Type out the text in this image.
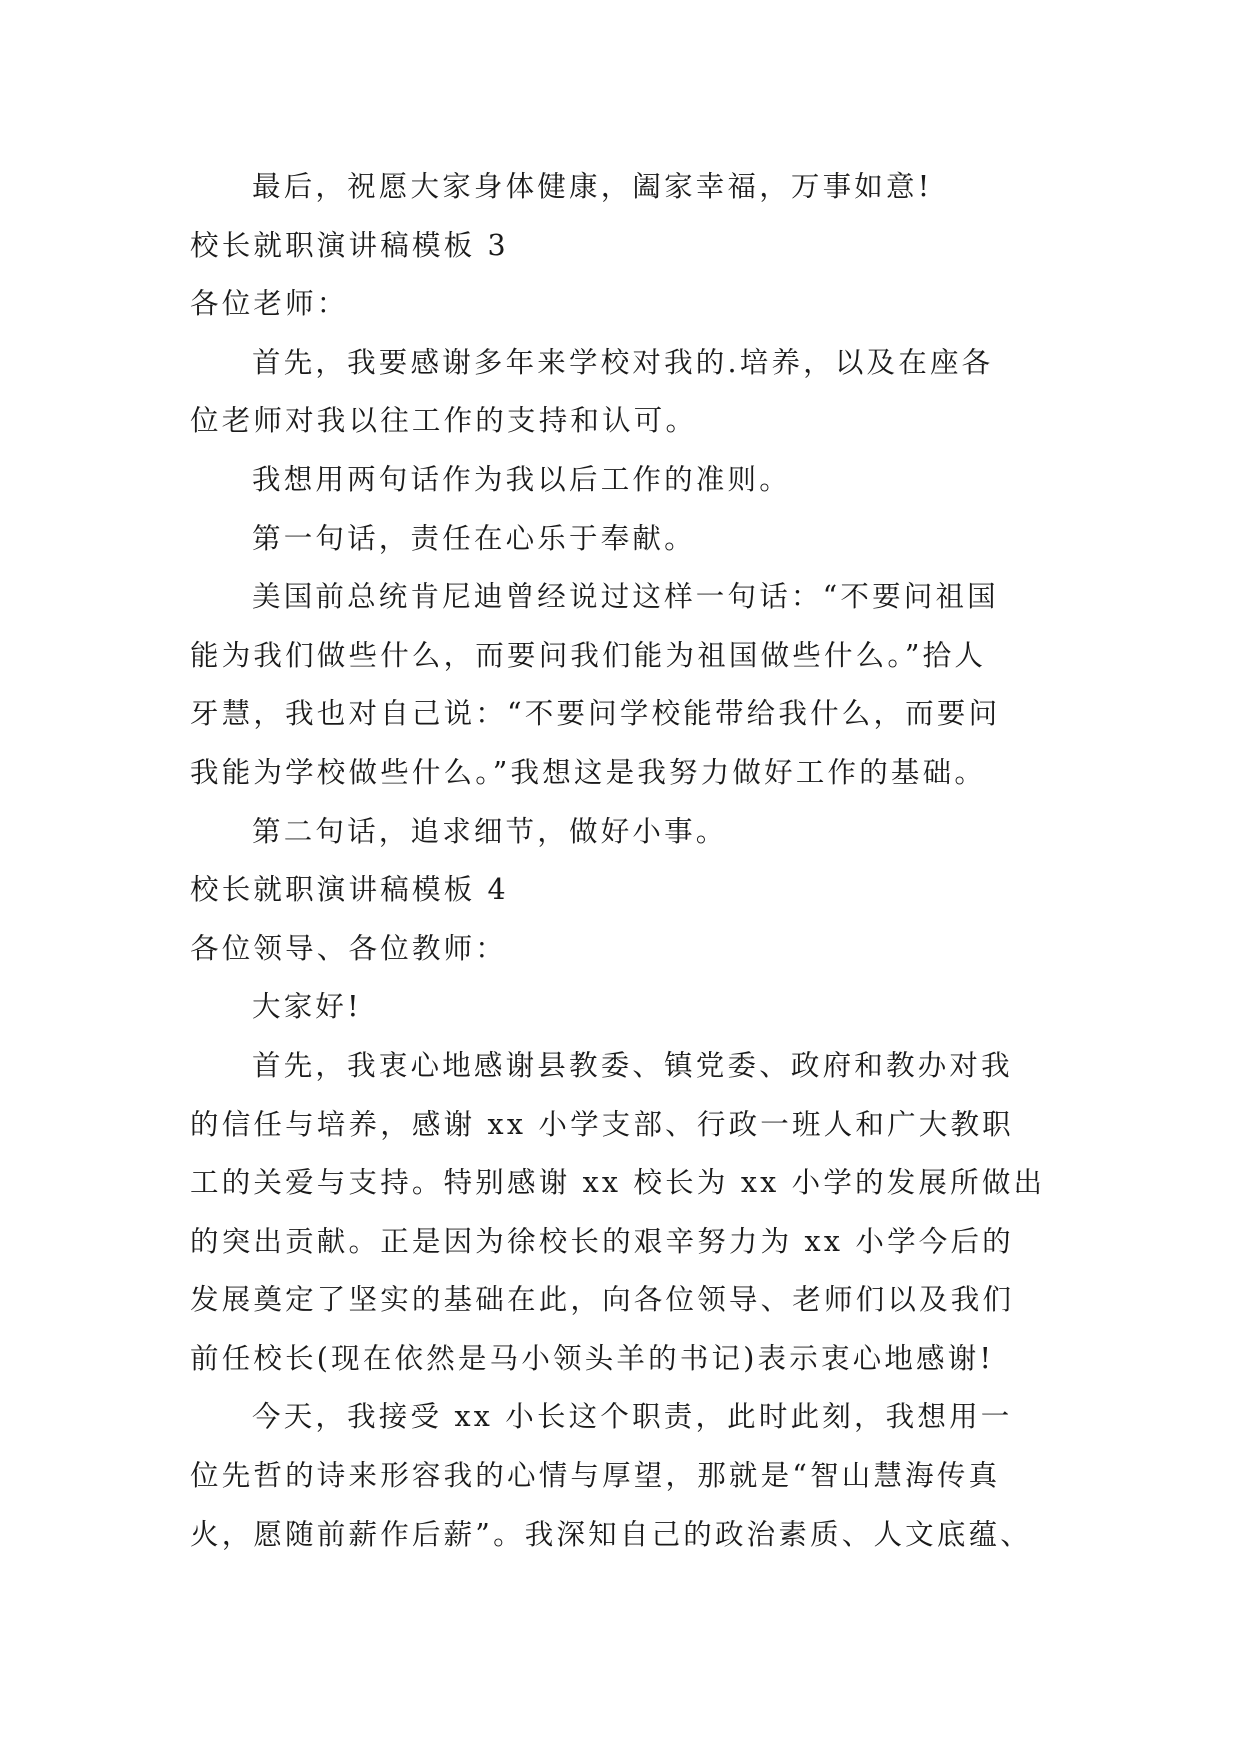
最后，祝愿大家身体健康，阖家幸福，万事如意!
校长就职演讲稿模板 3
各位老师：
首先，我要感谢多年来学校对我的.培养，以及在座各
位老师对我以往工作的支持和认可。
我想用两句话作为我以后工作的准则。
第一句话，责任在心乐于奉献。
美国前总统肯尼迪曾经说过这样一句话：“不要问祖国
能为我们做些什么，而要问我们能为祖国做些什么。”拾人
牙慧，我也对自己说：“不要问学校能带给我什么，而要问
我能为学校做些什么。”我想这是我努力做好工作的基础。
第二句话，追求细节，做好小事。
校长就职演讲稿模板 4
各位领导、各位教师：
大家好!
首先，我衷心地感谢县教委、镇党委、政府和教办对我
的信任与培养，感谢 xx 小学支部、行政一班人和广大教职
工的关爱与支持。特别感谢 xx 校长为 xx 小学的发展所做出
的突出贡献。正是因为徐校长的艰辛努力为 xx 小学今后的
发展奠定了坚实的基础在此，向各位领导、老师们以及我们
前任校长(现在依然是马小领头羊的书记)表示衷心地感谢!
今天，我接受 xx 小长这个职责，此时此刻，我想用一
位先哲的诗来形容我的心情与厚望，那就是“智山慧海传真
火，愿随前薪作后薪”。我深知自己的政治素质、人文底蕴、
